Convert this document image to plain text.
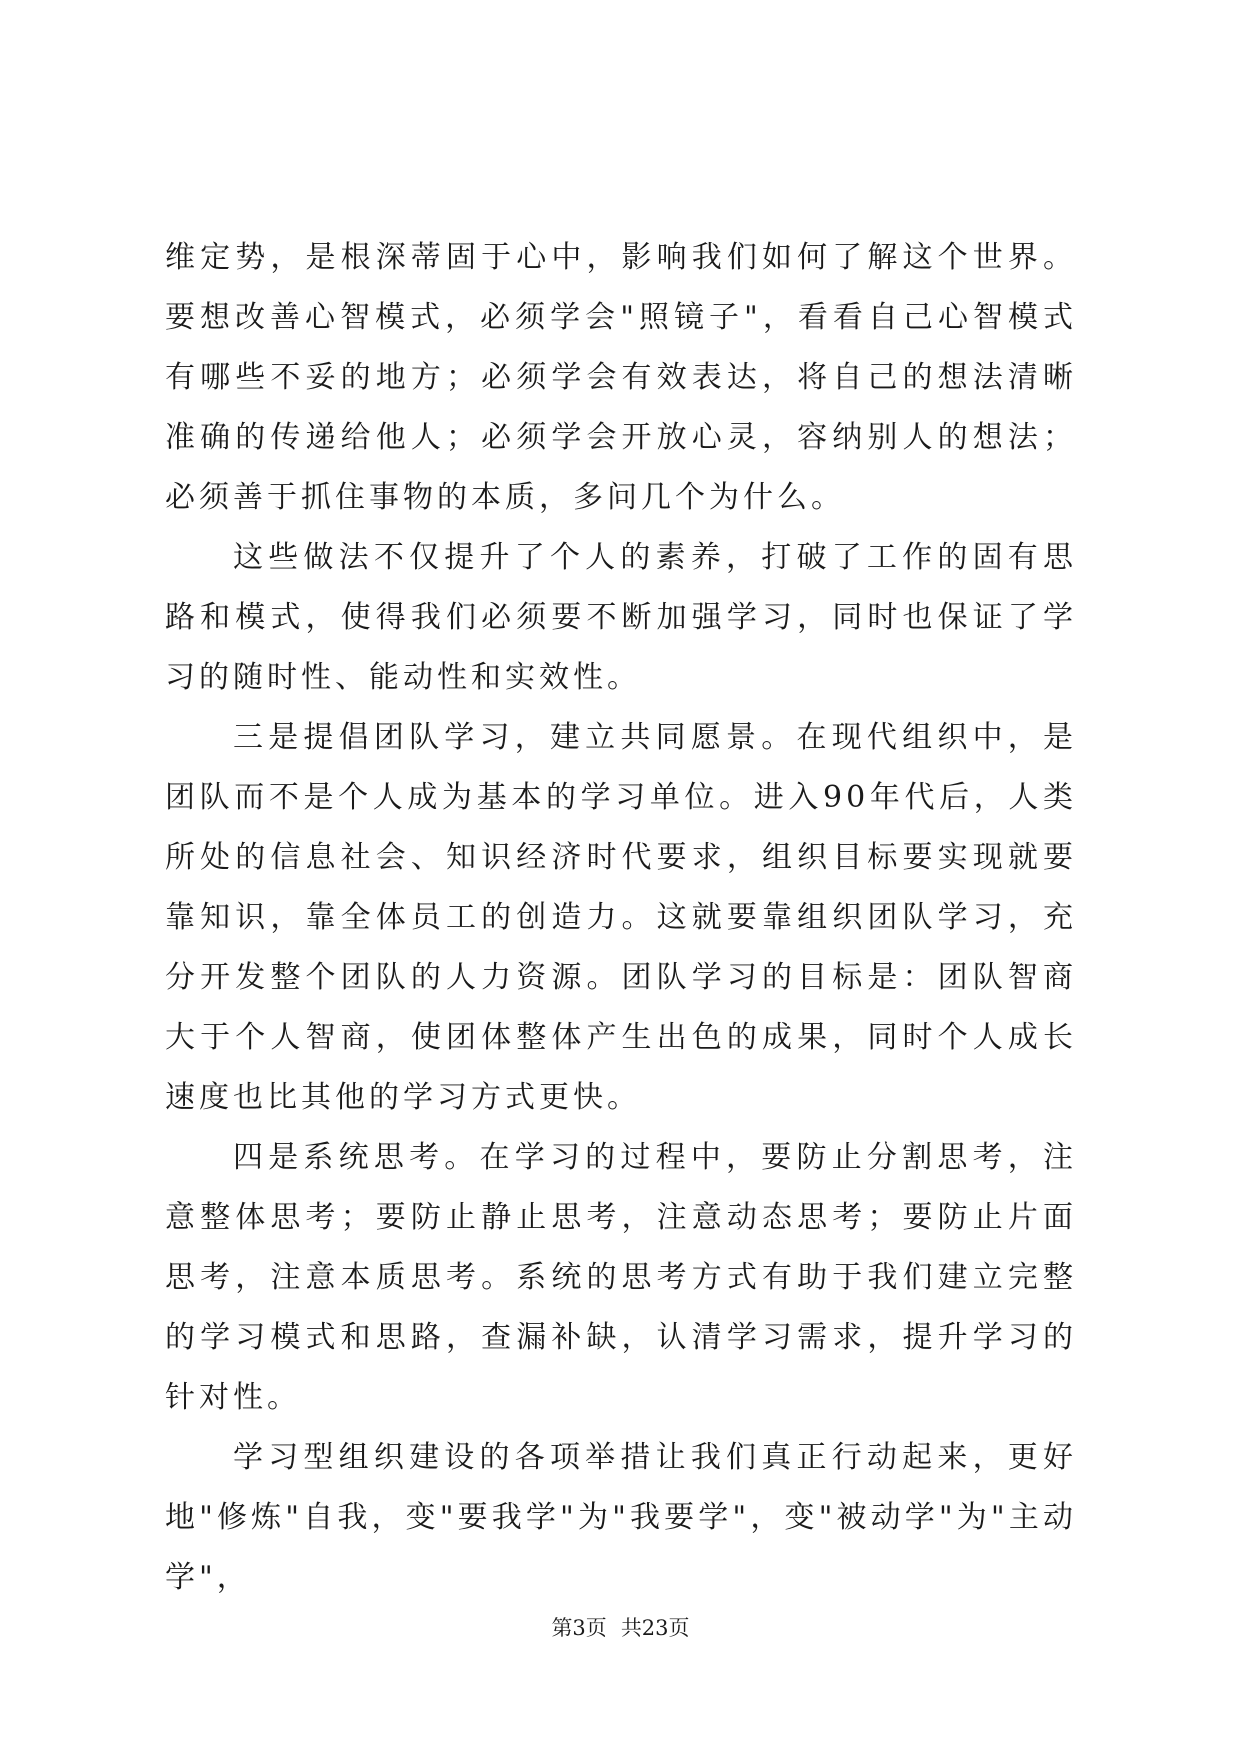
维定势，是根深蒂固于心中，影响我们如何了解这个世界。要想改善心智模式，必须学会"照镜子"，看看自己心智模式有哪些不妥的地方；必须学会有效表达，将自己的想法清晰准确的传递给他人；必须学会开放心灵，容纳别人的想法；必须善于抓住事物的本质，多问几个为什么。

这些做法不仅提升了个人的素养，打破了工作的固有思路和模式，使得我们必须要不断加强学习，同时也保证了学习的随时性、能动性和实效性。

三是提倡团队学习，建立共同愿景。在现代组织中，是团队而不是个人成为基本的学习单位。进入90年代后，人类所处的信息社会、知识经济时代要求，组织目标要实现就要靠知识，靠全体员工的创造力。这就要靠组织团队学习，充分开发整个团队的人力资源。团队学习的目标是：团队智商大于个人智商，使团体整体产生出色的成果，同时个人成长速度也比其他的学习方式更快。

四是系统思考。在学习的过程中，要防止分割思考，注意整体思考；要防止静止思考，注意动态思考；要防止片面思考，注意本质思考。系统的思考方式有助于我们建立完整的学习模式和思路，查漏补缺，认清学习需求，提升学习的针对性。

学习型组织建设的各项举措让我们真正行动起来，更好地"修炼"自我，变"要我学"为"我要学"，变"被动学"为"主动学"，

第3页 共23页
